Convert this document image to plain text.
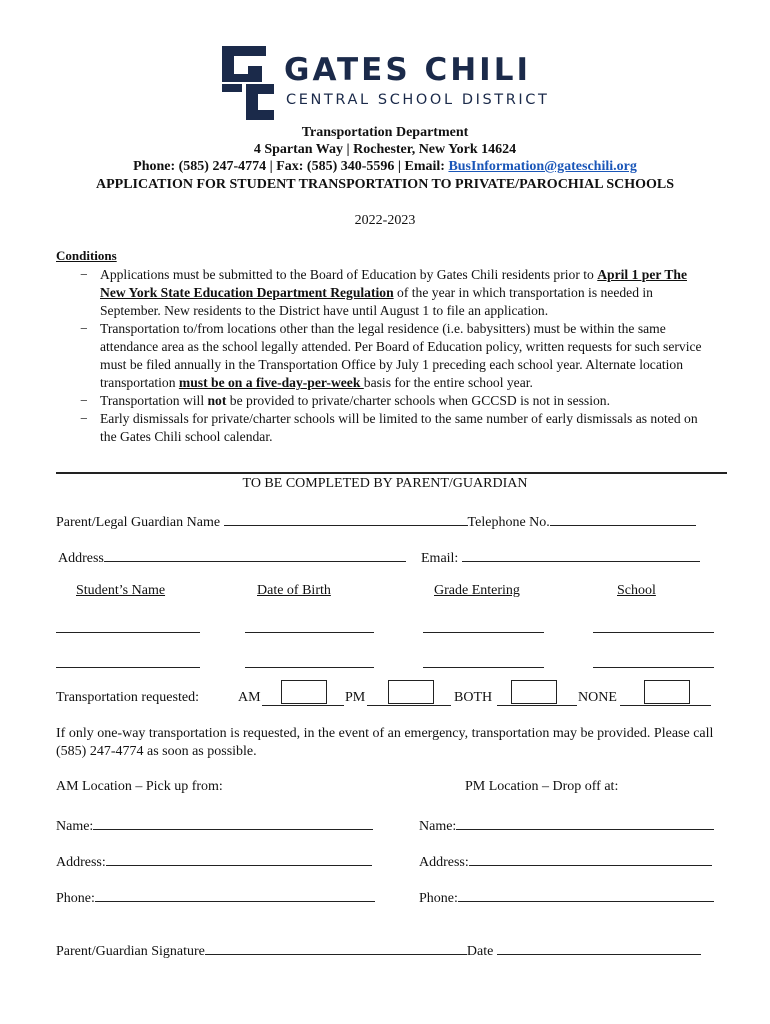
GATES CHILI
CENTRAL SCHOOL DISTRICT
Transportation Department
4 Spartan Way | Rochester, New York 14624
Phone: (585) 247-4774 | Fax: (585) 340-5596 | Email: BusInformation@gateschili.org
APPLICATION FOR STUDENT TRANSPORTATION TO PRIVATE/PAROCHIAL SCHOOLS
2022-2023
Conditions
− Applications must be submitted to the Board of Education by Gates Chili residents prior to April 1 per The New York State Education Department Regulation of the year in which transportation is needed in September. New residents to the District have until August 1 to file an application.
− Transportation to/from locations other than the legal residence (i.e. babysitters) must be within the same attendance area as the school legally attended. Per Board of Education policy, written requests for such service must be filed annually in the Transportation Office by July 1 preceding each school year. Alternate location transportation must be on a five-day-per-week basis for the entire school year.
− Transportation will not be provided to private/charter schools when GCCSD is not in session.
− Early dismissals for private/charter schools will be limited to the same number of early dismissals as noted on the Gates Chili school calendar.
TO BE COMPLETED BY PARENT/GUARDIAN
Parent/Legal Guardian Name	Telephone No.
Address	Email:
Student’s Name	Date of Birth	Grade Entering	School
Transportation requested:	AM	PM	BOTH	NONE
If only one-way transportation is requested, in the event of an emergency, transportation may be provided. Please call (585) 247-4774 as soon as possible.
AM Location – Pick up from:	PM Location – Drop off at:
Name:	Name:
Address:	Address:
Phone:	Phone:
Parent/Guardian Signature	Date
